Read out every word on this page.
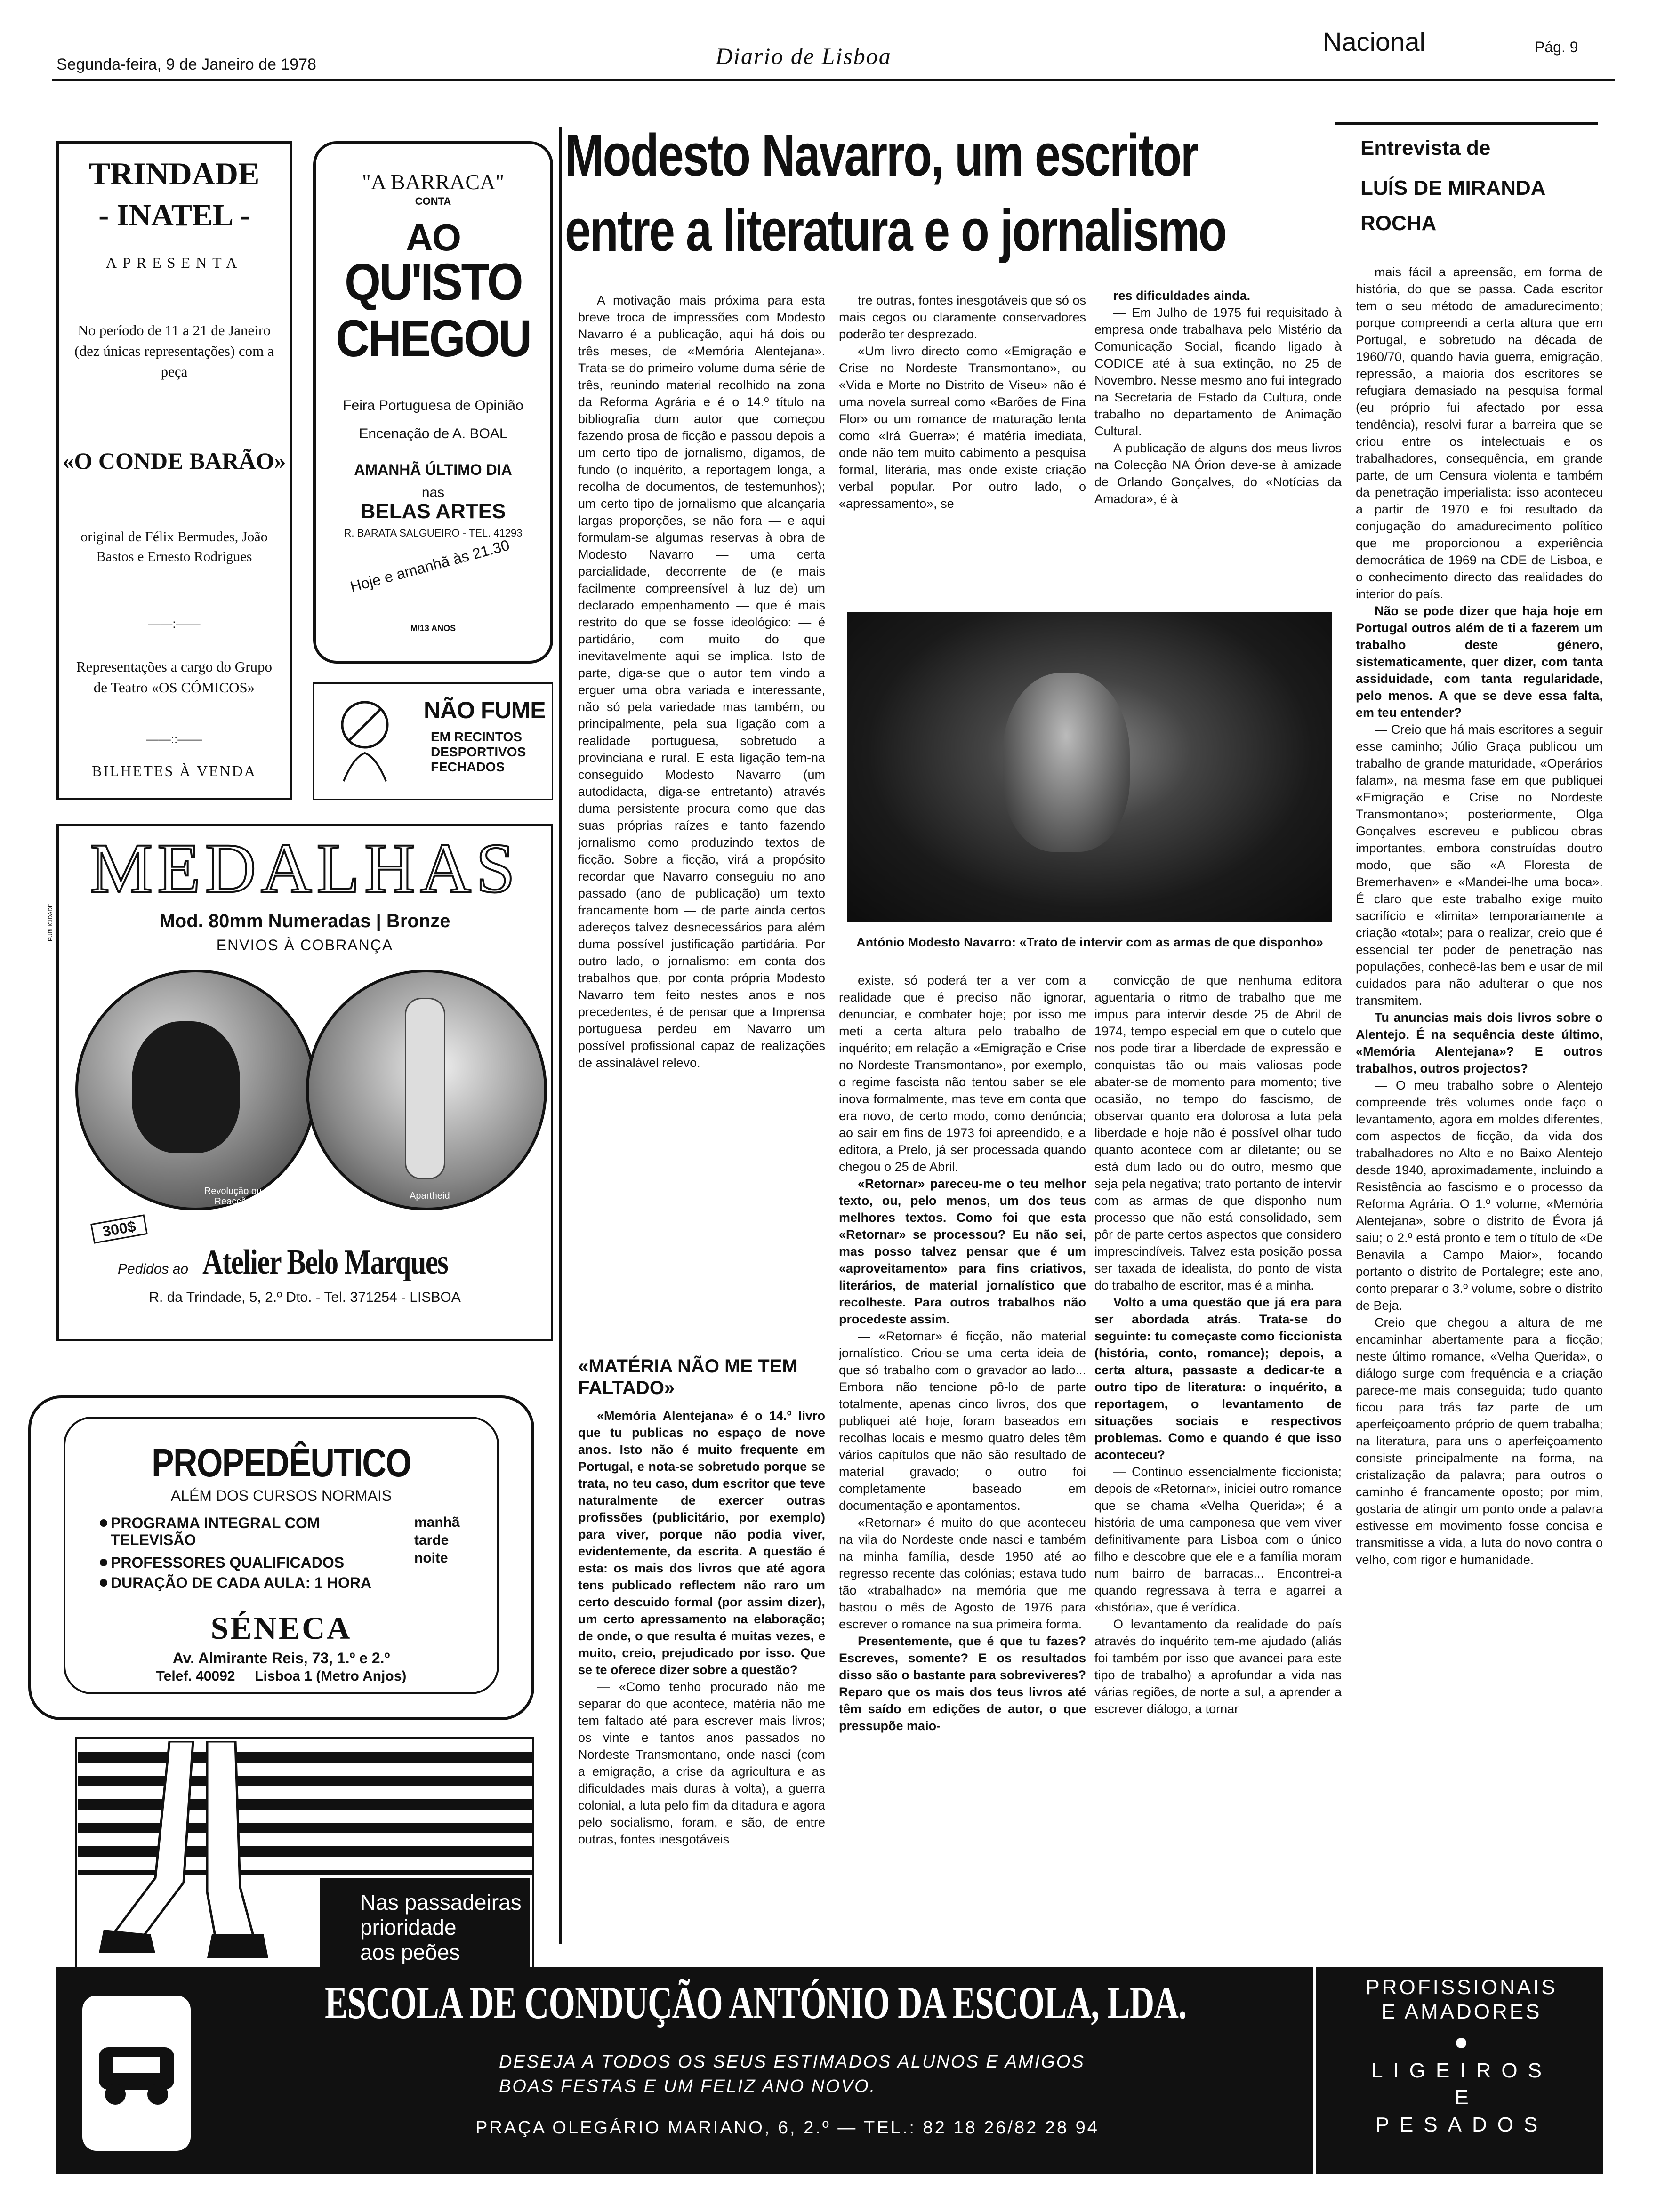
Segunda-feira, 9 de Janeiro de 1978	Diario de Lisboa	Nacional	Pág. 9
TRINDADE
- INATEL -
APRESENTA
No período de 11 a 21 de Janeiro (dez únicas representações) com a peça
«O CONDE BARÃO»
original de Félix Bermudes, João Bastos e Ernesto Rodrigues
——:——
Representações a cargo do Grupo de Teatro «OS CÓMICOS»
——::——
BILHETES À VENDA
"A BARRACA"
CONTA
AO
QU'ISTO
CHEGOU
Feira Portuguesa de Opinião
Encenação de A. BOAL
AMANHÃ ÚLTIMO DIA
nas
BELAS ARTES
R. BARATA SALGUEIRO - TEL. 41293
Hoje e amanhã às 21.30
M/13 ANOS
NÃO FUME
EM RECINTOS
DESPORTIVOS
FECHADOS
MEDALHAS
Mod. 80mm Numeradas | Bronze
ENVIOS À COBRANÇA
PUBLICIDADE
Revolução ou Reacção
Apartheid
300$
Pedidos ao Atelier Belo Marques
R. da Trindade, 5, 2.º Dto. - Tel. 371254 - LISBOA
PROPEDÊUTICO
ALÉM DOS CURSOS NORMAIS
PROGRAMA INTEGRAL COM TELEVISÃO
PROFESSORES QUALIFICADOS
DURAÇÃO DE CADA AULA: 1 HORA
manhã
tarde
noite
SÉNECA
Av. Almirante Reis, 73, 1.º e 2.º
Telef. 40092     Lisboa 1 (Metro Anjos)
Nas passadeiras
prioridade
aos peões
Modesto Navarro, um escritor
entre a literatura e o jornalismo
Entrevista de
LUÍS DE MIRANDA
ROCHA

A motivação mais próxima para esta breve troca de impressões com Modesto Navarro é a publicação, aqui há dois ou três meses, de «Memória Alentejana». Trata-se do primeiro volume duma série de três, reunindo material recolhido na zona da Reforma Agrária e é o 14.º título na bibliografia dum autor que começou fazendo prosa de ficção e passou depois a um certo tipo de jornalismo, digamos, de fundo (o inquérito, a reportagem longa, a recolha de documentos, de testemunhos); um certo tipo de jornalismo que alcançaria largas proporções, se não fora — e aqui formulam-se algumas reservas à obra de Modesto Navarro — uma certa parcialidade, decorrente de (e mais facilmente compreensível à luz de) um declarado empenhamento — que é mais restrito do que se fosse ideológico: — é partidário, com muito do que inevitavelmente aqui se implica. Isto de parte, diga-se que o autor tem vindo a erguer uma obra variada e interessante, não só pela variedade mas também, ou principalmente, pela sua ligação com a realidade portuguesa, sobretudo a provinciana e rural. E esta ligação tem-na conseguido Modesto Navarro (um autodidacta, diga-se entretanto) através duma persistente procura como que das suas próprias raízes e tanto fazendo jornalismo como produzindo textos de ficção. Sobre a ficção, virá a propósito recordar que Navarro conseguiu no ano passado (ano de publicação) um texto francamente bom — de parte ainda certos adereços talvez desnecessários para além duma possível justificação partidária. Por outro lado, o jornalismo: em conta dos trabalhos que, por conta própria Modesto Navarro tem feito nestes anos e nos precedentes, é de pensar que a Imprensa portuguesa perdeu em Navarro um possível profissional capaz de realizações de assinalável relevo.

«MATÉRIA NÃO ME TEM FALTADO»

«Memória Alentejana» é o 14.º livro que tu publicas no espaço de nove anos. Isto não é muito frequente em Portugal, e nota-se sobretudo porque se trata, no teu caso, dum escritor que teve naturalmente de exercer outras profissões (publicitário, por exemplo) para viver, porque não podia viver, evidentemente, da escrita. A questão é esta: os mais dos livros que até agora tens publicado reflectem não raro um certo descuido formal (por assim dizer), um certo apressamento na elaboração; de onde, o que resulta é muitas vezes, e muito, creio, prejudicado por isso. Que se te oferece dizer sobre a questão?

— «Como tenho procurado não me separar do que acontece, matéria não me tem faltado até para escrever mais livros; os vinte e tantos anos passados no Nordeste Transmontano, onde nasci (com a emigração, a crise da agricultura e as dificuldades mais duras à volta), a guerra colonial, a luta pelo fim da ditadura e agora pelo socialismo, foram, e são, de entre outras, fontes inesgotáveis

tre outras, fontes inesgotáveis que só os mais cegos ou claramente conservadores poderão ter desprezado.

«Um livro directo como «Emigração e Crise no Nordeste Transmontano», ou «Vida e Morte no Distrito de Viseu» não é uma novela surreal como «Barões de Fina Flor» ou um romance de maturação lenta como «Irá Guerra»; é matéria imediata, onde não tem muito cabimento a pesquisa formal, literária, mas onde existe criação verbal popular. Por outro lado, o «apressamento», se

res dificuldades ainda.

— Em Julho de 1975 fui requisitado à empresa onde trabalhava pelo Mistério da Comunicação Social, ficando ligado à CODICE até à sua extinção, no 25 de Novembro. Nesse mesmo ano fui integrado na Secretaria de Estado da Cultura, onde trabalho no departamento de Animação Cultural.

A publicação de alguns dos meus livros na Colecção NA Órion deve-se à amizade de Orlando Gonçalves, do «Notícias da Amadora», é à

António Modesto Navarro: «Trato de intervir com as armas de que disponho»

existe, só poderá ter a ver com a realidade que é preciso não ignorar, denunciar, e combater hoje; por isso me meti a certa altura pelo trabalho de inquérito; em relação a «Emigração e Crise no Nordeste Transmontano», por exemplo, o regime fascista não tentou saber se ele inova formalmente, mas teve em conta que era novo, de certo modo, como denúncia; ao sair em fins de 1973 foi apreendido, e a editora, a Prelo, já ser processada quando chegou o 25 de Abril.

«Retornar» pareceu-me o teu melhor texto, ou, pelo menos, um dos teus melhores textos. Como foi que esta «Retornar» se processou? Eu não sei, mas posso talvez pensar que é um «aproveitamento» para fins criativos, literários, de material jornalístico que recolheste. Para outros trabalhos não procedeste assim.

— «Retornar» é ficção, não material jornalístico. Criou-se uma certa ideia de que só trabalho com o gravador ao lado... Embora não tencione pô-lo de parte totalmente, apenas cinco livros, dos que publiquei até hoje, foram baseados em recolhas locais e mesmo quatro deles têm vários capítulos que não são resultado de material gravado; o outro foi completamente baseado em documentação e apontamentos.

«Retornar» é muito do que aconteceu na vila do Nordeste onde nasci e também na minha família, desde 1950 até ao regresso recente das colónias; estava tudo tão «trabalhado» na memória que me bastou o mês de Agosto de 1976 para escrever o romance na sua primeira forma.

Presentemente, que é que tu fazes? Escreves, somente? E os resultados disso são o bastante para sobreviveres? Reparo que os mais dos teus livros até têm saído em edições de autor, o que pressupõe maio-

convicção de que nenhuma editora aguentaria o ritmo de trabalho que me impus para intervir desde 25 de Abril de 1974, tempo especial em que o cutelo que nos pode tirar a liberdade de expressão e conquistas tão ou mais valiosas pode abater-se de momento para momento; tive ocasião, no tempo do fascismo, de observar quanto era dolorosa a luta pela liberdade e hoje não é possível olhar tudo quanto acontece com ar diletante; ou se está dum lado ou do outro, mesmo que seja pela negativa; trato portanto de intervir com as armas de que disponho num processo que não está consolidado, sem pôr de parte certos aspectos que considero imprescindíveis. Talvez esta posição possa ser taxada de idealista, do ponto de vista do trabalho de escritor, mas é a minha.

Volto a uma questão que já era para ser abordada atrás. Trata-se do seguinte: tu começaste como ficcionista (história, conto, romance); depois, a certa altura, passaste a dedicar-te a outro tipo de literatura: o inquérito, a reportagem, o levantamento de situações sociais e respectivos problemas. Como e quando é que isso aconteceu?

— Continuo essencialmente ficcionista; depois de «Retornar», iniciei outro romance que se chama «Velha Querida»; é a história de uma camponesa que vem viver definitivamente para Lisboa com o único filho e descobre que ele e a família moram num bairro de barracas... Encontrei-a quando regressava à terra e agarrei a «história», que é verídica.

O levantamento da realidade do país através do inquérito tem-me ajudado (aliás foi também por isso que avancei para este tipo de trabalho) a aprofundar a vida nas várias regiões, de norte a sul, a aprender a escrever diálogo, a tornar

mais fácil a apreensão, em forma de história, do que se passa. Cada escritor tem o seu método de amadurecimento; porque compreendi a certa altura que em Portugal, e sobretudo na década de 1960/70, quando havia guerra, emigração, repressão, a maioria dos escritores se refugiara demasiado na pesquisa formal (eu próprio fui afectado por essa tendência), resolvi furar a barreira que se criou entre os intelectuais e os trabalhadores, consequência, em grande parte, de um Censura violenta e também da penetração imperialista: isso aconteceu a partir de 1970 e foi resultado da conjugação do amadurecimento político que me proporcionou a experiência democrática de 1969 na CDE de Lisboa, e o conhecimento directo das realidades do interior do país.

Não se pode dizer que haja hoje em Portugal outros além de ti a fazerem um trabalho deste género, sistematicamente, quer dizer, com tanta assiduidade, com tanta regularidade, pelo menos. A que se deve essa falta, em teu entender?

— Creio que há mais escritores a seguir esse caminho; Júlio Graça publicou um trabalho de grande maturidade, «Operários falam», na mesma fase em que publiquei «Emigração e Crise no Nordeste Transmontano»; posteriormente, Olga Gonçalves escreveu e publicou obras importantes, embora construídas doutro modo, que são «A Floresta de Bremerhaven» e «Mandei-lhe uma boca». É claro que este trabalho exige muito sacrifício e «limita» temporariamente a criação «total»; para o realizar, creio que é essencial ter poder de penetração nas populações, conhecê-las bem e usar de mil cuidados para não adulterar o que nos transmitem.

Tu anuncias mais dois livros sobre o Alentejo. É na sequência deste último, «Memória Alentejana»? E outros trabalhos, outros projectos?

— O meu trabalho sobre o Alentejo compreende três volumes onde faço o levantamento, agora em moldes diferentes, com aspectos de ficção, da vida dos trabalhadores no Alto e no Baixo Alentejo desde 1940, aproximadamente, incluindo a Resistência ao fascismo e o processo da Reforma Agrária. O 1.º volume, «Memória Alentejana», sobre o distrito de Évora já saiu; o 2.º está pronto e tem o título de «De Benavila a Campo Maior», focando portanto o distrito de Portalegre; este ano, conto preparar o 3.º volume, sobre o distrito de Beja.

Creio que chegou a altura de me encaminhar abertamente para a ficção; neste último romance, «Velha Querida», o diálogo surge com frequência e a criação parece-me mais conseguida; tudo quanto ficou para trás faz parte de um aperfeiçoamento próprio de quem trabalha; na literatura, para uns o aperfeiçoamento consiste principalmente na forma, na cristalização da palavra; para outros o caminho é francamente oposto; por mim, gostaria de atingir um ponto onde a palavra estivesse em movimento fosse concisa e transmitisse a vida, a luta do novo contra o velho, com rigor e humanidade.

ESCOLA DE CONDUÇÃO ANTÓNIO DA ESCOLA, LDA.
DESEJA A TODOS OS SEUS ESTIMADOS ALUNOS E AMIGOS
BOAS FESTAS E UM FELIZ ANO NOVO.
PRAÇA OLEGÁRIO MARIANO, 6, 2.º — TEL.: 82 18 26/82 28 94
PROFISSIONAIS
E AMADORES
LIGEIROS
E
PESADOS
